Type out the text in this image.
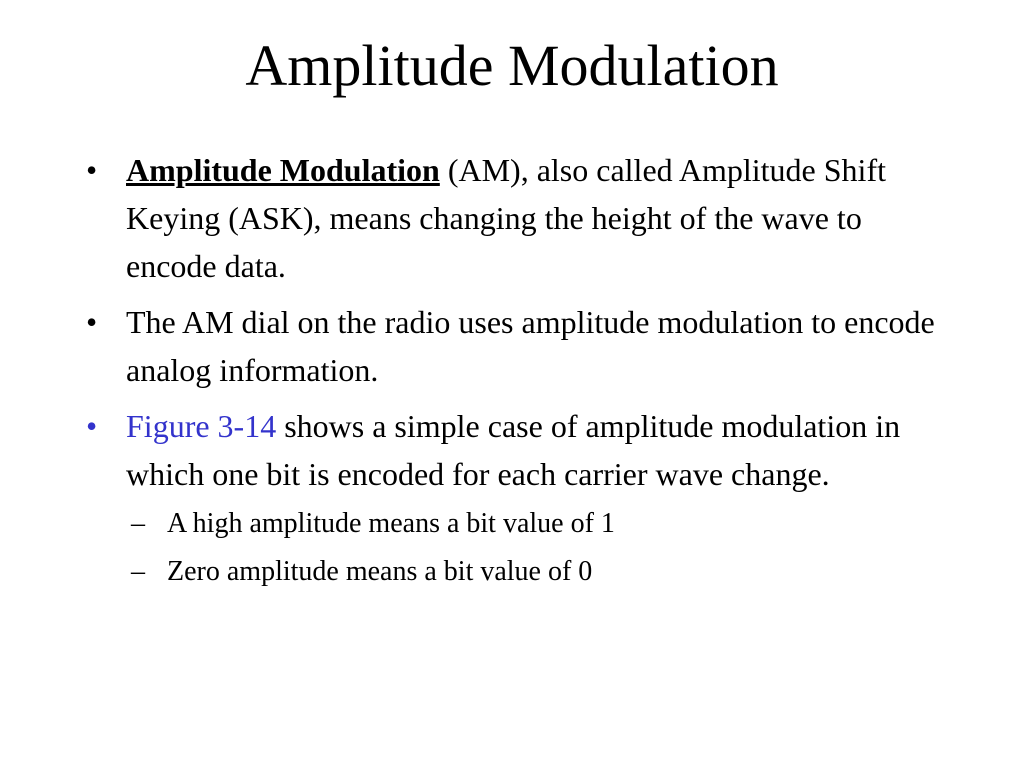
Amplitude Modulation
• Amplitude Modulation (AM), also called Amplitude Shift Keying (ASK), means changing the height of the wave to encode data.
• The AM dial on the radio uses amplitude modulation to encode analog information.
• Figure 3-14 shows a simple case of amplitude modulation in which one bit is encoded for each carrier wave change.
– A high amplitude means a bit value of 1
– Zero amplitude means a bit value of 0
